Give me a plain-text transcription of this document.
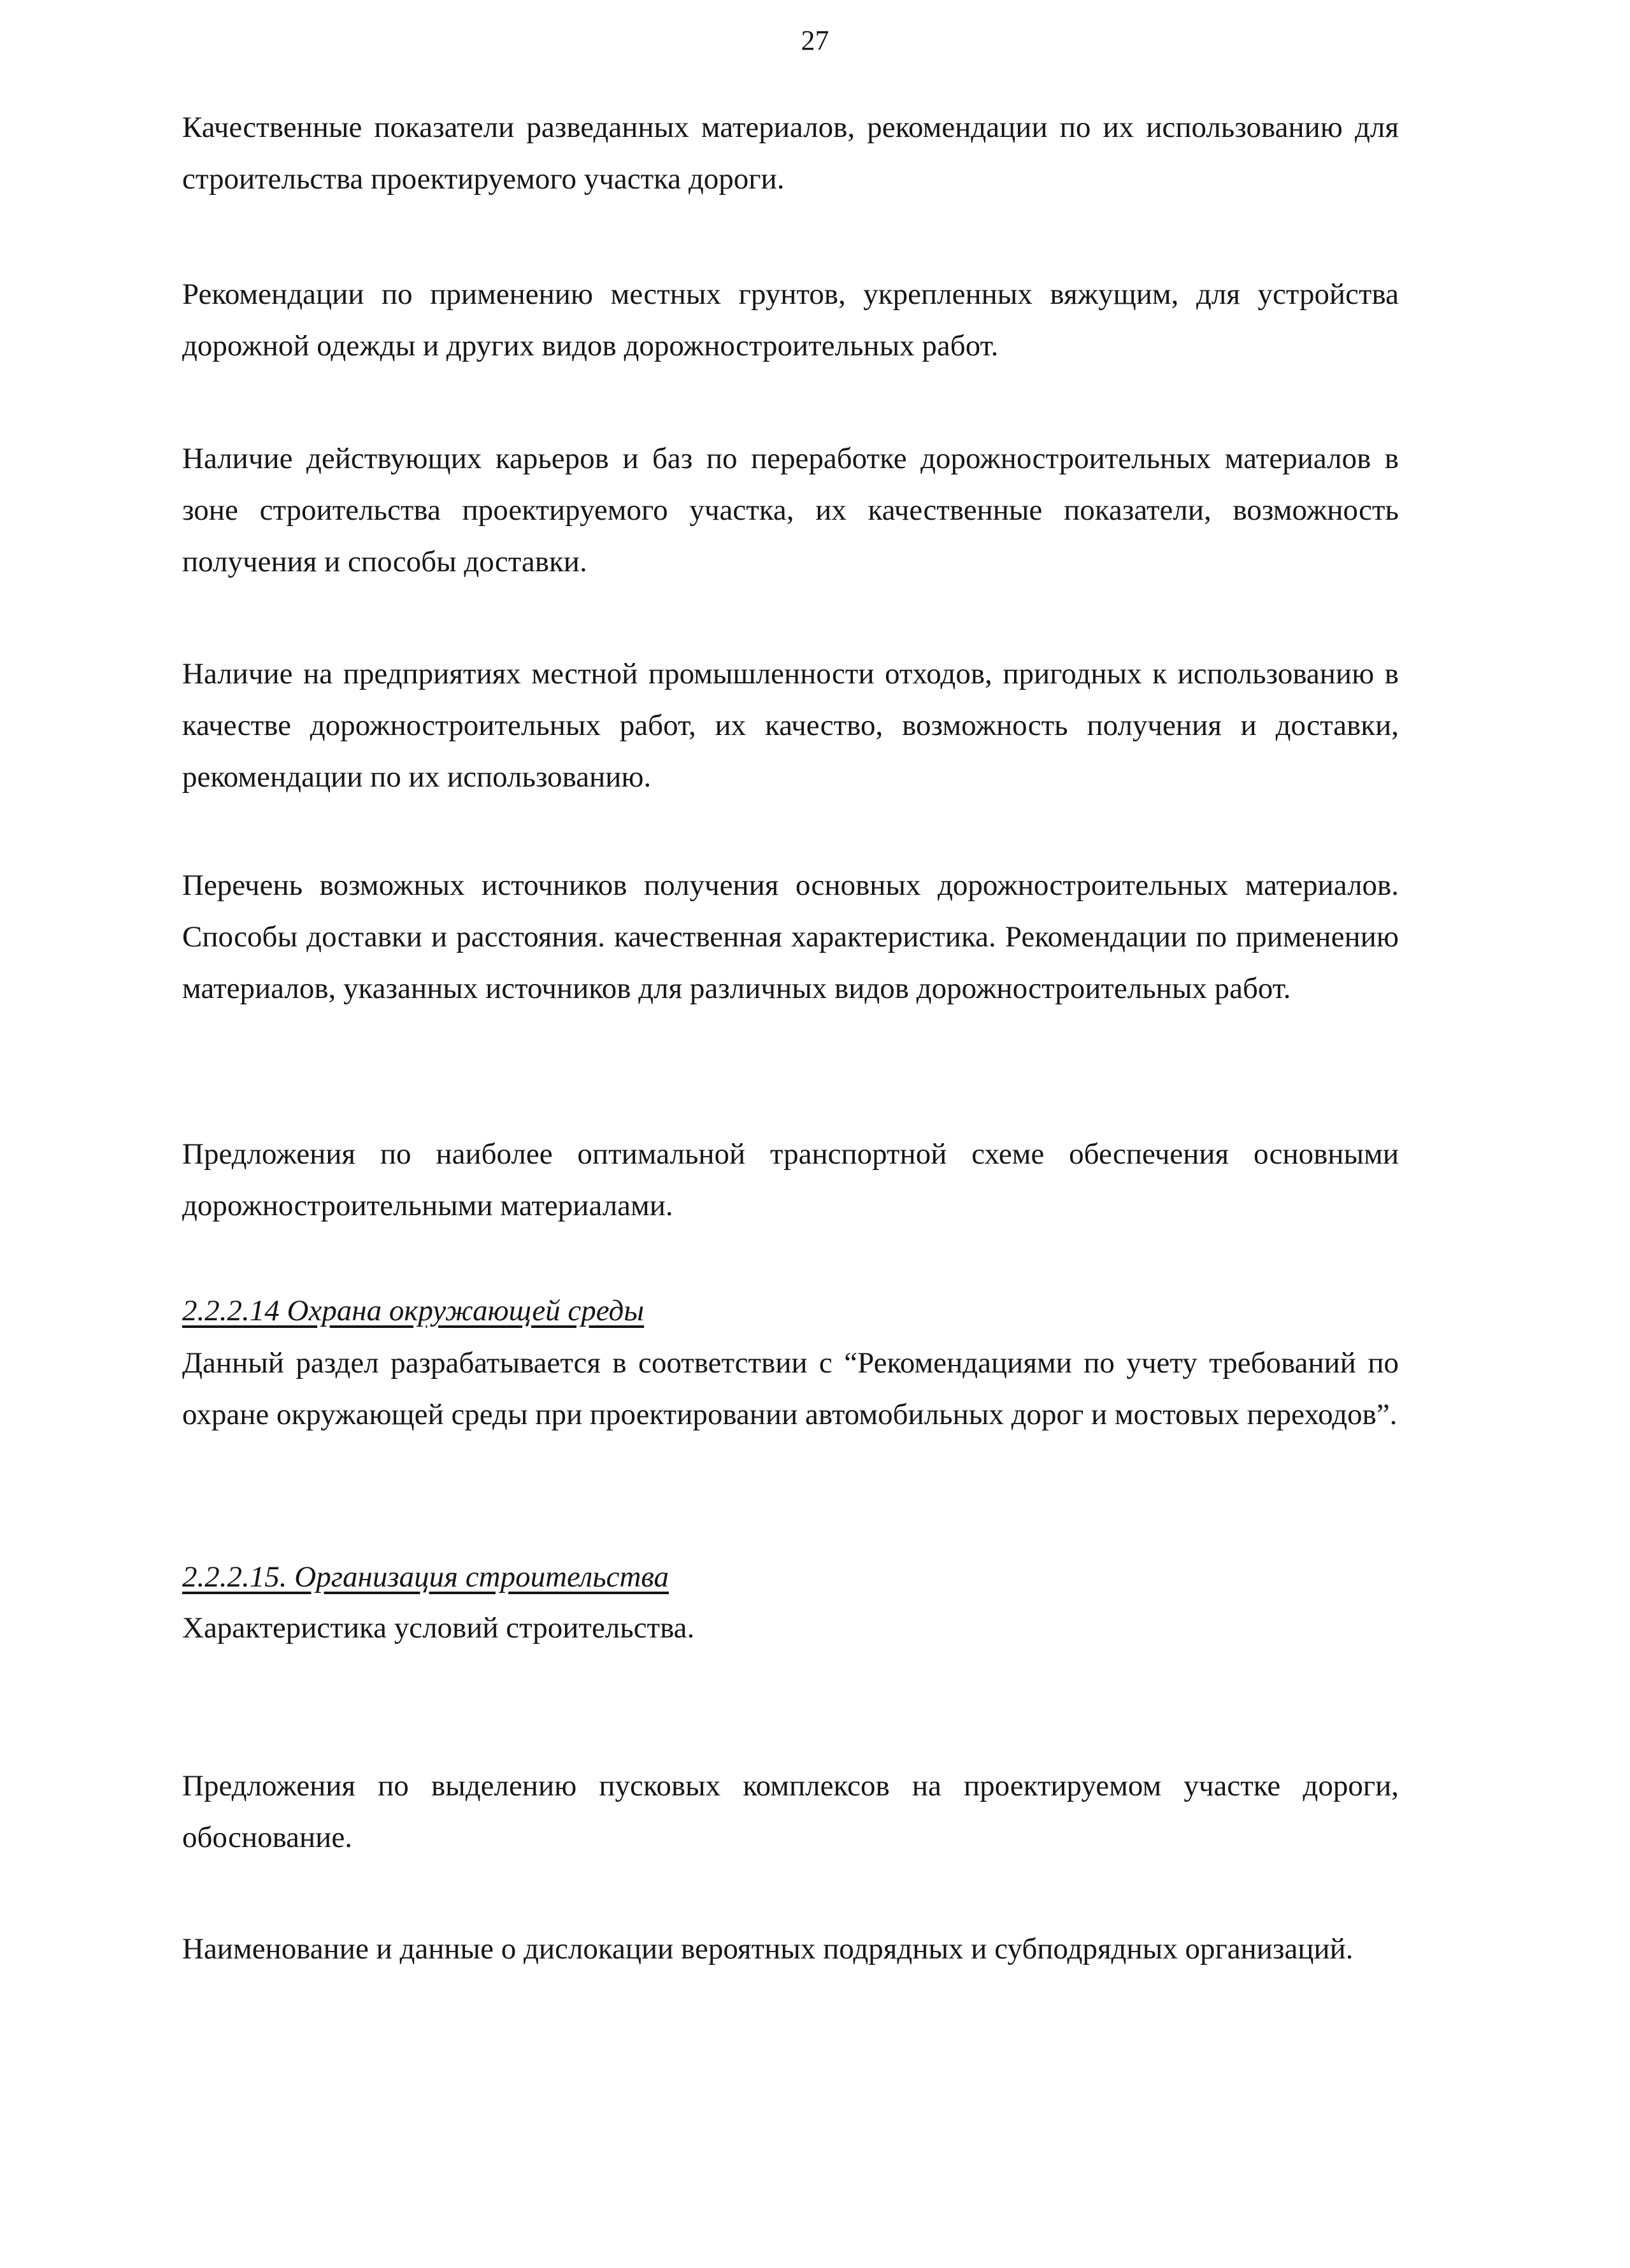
27

Качественные показатели разведанных материалов, рекомендации по их использованию для строительства проектируемого участка дороги.

Рекомендации по применению местных грунтов, укрепленных вяжущим, для устройства дорожной одежды и других видов дорожностроительных работ.

Наличие действующих карьеров и баз по переработке дорожностроительных материалов в зоне строительства проектируемого участка, их качественные показатели, возможность получения и способы доставки.

Наличие на предприятиях местной промышленности отходов, пригодных к использованию в качестве дорожностроительных работ, их качество, возможность получения и доставки, рекомендации по их использованию.

Перечень возможных источников получения основных дорожностроительных материалов. Способы доставки и расстояния. качественная характеристика. Рекомендации по применению материалов, указанных источников для различных видов дорожностроительных работ.

Предложения по наиболее оптимальной транспортной схеме обеспечения основными дорожностроительными материалами.

2.2.2.14 Охрана окружающей среды

Данный раздел разрабатывается в соответствии с “Рекомендациями по учету требований по охране окружающей среды при проектировании автомобильных дорог и мостовых переходов”.

2.2.2.15. Организация строительства

Характеристика условий строительства.

Предложения по выделению пусковых комплексов на проектируемом участке дороги, обоснование.

Наименование и данные о дислокации вероятных подрядных и субподрядных организаций.
